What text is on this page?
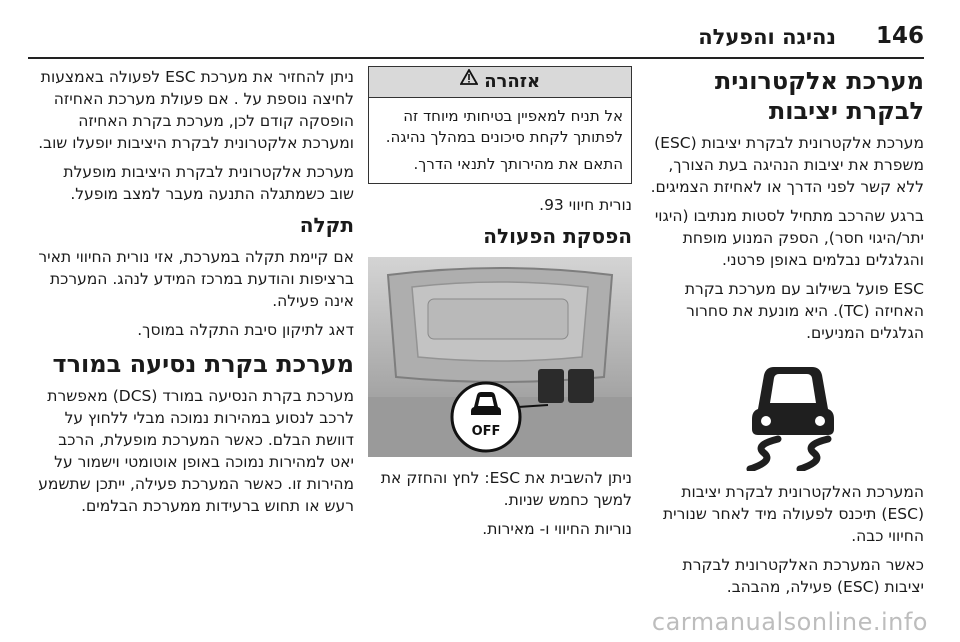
נהיגה והפעלה 146
מערכת אלקטרונית לבקרת יציבות

מערכת אלקטרונית לבקרת יציבות (ESC) משפרת את יציבות הנהיגה בעת הצורך, ללא קשר לפני הדרך או לאחיזת הצמיגים.

ברגע שהרכב מתחיל לסטות מנתיבו (היגוי יתר/היגוי חסר), הספק המנוע מופחת והגלגלים נבלמים באופן פרטני.

ESC פועל בשילוב עם מערכת בקרת האחיזה (TC). היא מונעת את סחרור הגלגלים המניעים.

המערכת האלקטרונית לבקרת יציבות (ESC) תיכנס לפעולה מיד לאחר שנורית החיווי כבה.

כאשר המערכת האלקטרונית לבקרת יציבות (ESC) פעילה, מהבהב.

אזהרה

אל תניח למאפיין בטיחותי מיוחד זה לפתותך לקחת סיכונים במהלך נהיגה.

התאם את מהירותך לתנאי הדרך.

נורית חיווי 93.

הפסקת הפעולה
OFF

ניתן להשבית את ESC: לחץ והחזק את למשך כחמש שניות.

נוריות החיווי ו- מאירות.

ניתן להחזיר את מערכת ESC לפעולה באמצעות לחיצה נוספת על . אם פעולת מערכת האחיזה הופסקה קודם לכן, מערכת בקרת האחיזה ומערכת אלקטרונית לבקרת היציבות יופעלו שוב.

מערכת אלקטרונית לבקרת היציבות מופעלת שוב כשמתגלה התנעה מעבר למצב מופעל.

תקלה

אם קיימת תקלה במערכת, אזי נורית החיווי תאיר ברציפות והודעת במרכז המידע לנהג. המערכת אינה פעילה.

דאג לתיקון סיבת התקלה במוסך.

מערכת בקרת נסיעה במורד

מערכת בקרת הנסיעה במורד (DCS) מאפשרת לרכב לנסוע במהירות נמוכה מבלי ללחוץ על דוושת הבלם. כאשר המערכת מופעלת, הרכב יאט למהירות נמוכה באופן אוטומטי וישמור על מהירות זו. כאשר המערכת פעילה, ייתכן שתשמע רעש או תחוש ברעידות ממערכת הבלמים.

carmanualsonline.info
